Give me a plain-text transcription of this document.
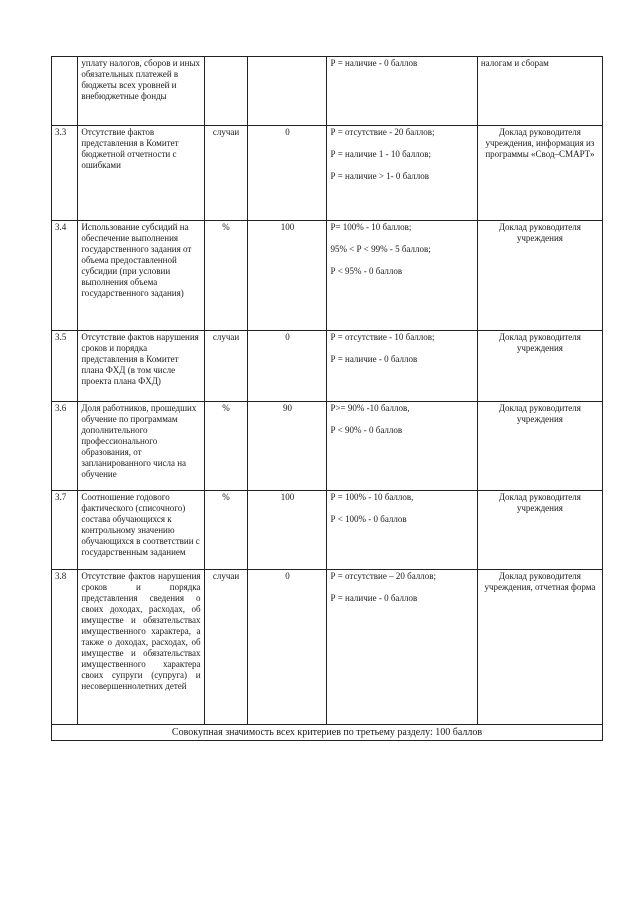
	уплату налогов, сборов и иных обязательных платежей в бюджеты всех уровней и внебюджетные фонды			Р = наличие - 0 баллов	налогам и сборам
3.3	Отсутствие фактов представления в Комитет бюджетной отчетности с ошибками	случаи	0	Р = отсутствие - 20 баллов;
Р = наличие 1 - 10 баллов;
Р = наличие > 1- 0 баллов	Доклад руководителя учреждения, информация из программы «Свод–СМАРТ»
3.4	Использование субсидий на обеспечение выполнения государственного задания от объема предоставленной субсидии (при условии выполнения объема государственного задания)	%	100	Р= 100% - 10 баллов;
95% < Р < 99% - 5 баллов;
Р < 95% - 0 баллов	Доклад руководителя учреждения
3.5	Отсутствие фактов нарушения сроков и порядка представления в Комитет плана ФХД (в том числе проекта плана ФХД)	случаи	0	Р = отсутствие - 10 баллов;
Р = наличие - 0 баллов	Доклад руководителя учреждения
3.6	Доля работников, прошедших обучение по программам дополнительного профессионального образования, от запланированного числа на обучение	%	90	Р>= 90% -10 баллов,
Р < 90% - 0 баллов	Доклад руководителя учреждения
3.7	Соотношение годового фактического (списочного) состава обучающихся к контрольному значению обучающихся в соответствии с государственным заданием	%	100	Р = 100% - 10 баллов,
Р < 100% - 0 баллов	Доклад руководителя учреждения
3.8	Отсутствие фактов нарушения сроков и порядка представления сведения о своих доходах, расходах, об имуществе и обязательствах имущественного характера, а также о доходах, расходах, об имуществе и обязательствах имущественного характера своих супруги (супруга) и несовершеннолетних детей	случаи	0	Р = отсутствие – 20 баллов;
Р = наличие - 0 баллов	Доклад руководителя учреждения, отчетная форма
Совокупная значимость всех критериев по третьему разделу: 100 баллов					
